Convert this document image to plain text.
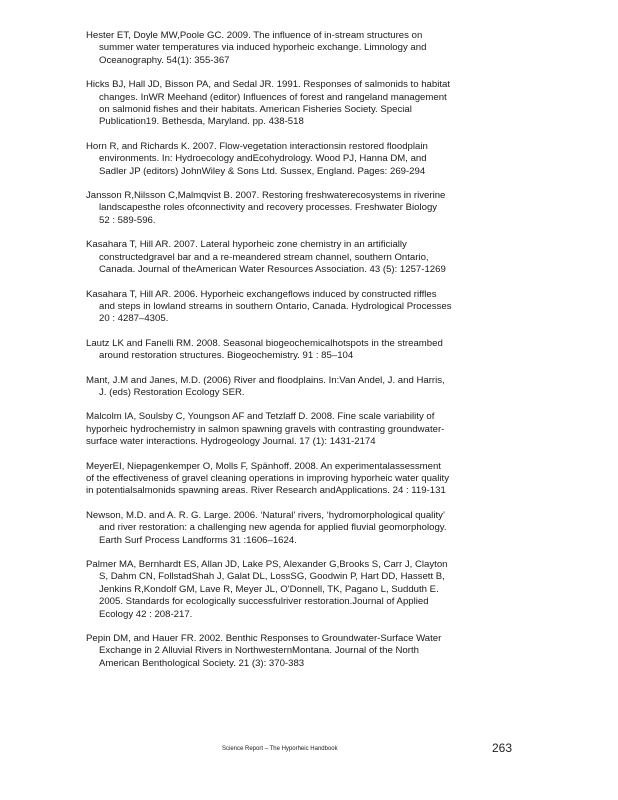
Hester ET, Doyle MW,Poole GC. 2009. The influence of in-stream structures on
summer water temperatures via induced hyporheic exchange. Limnology and
Oceanography. 54(1): 355-367

Hicks BJ, Hall JD, Bisson PA, and Sedal JR. 1991. Responses of salmonids to habitat
changes. InWR Meehand (editor) Influences of forest and rangeland management
on salmonid fishes and their habitats. American Fisheries Society. Special
Publication19. Bethesda, Maryland. pp. 438-518

Horn R, and Richards K. 2007. Flow-vegetation interactionsin restored floodplain
environments. In: Hydroecology andEcohydrology. Wood PJ, Hanna DM, and
Sadler JP (editors) JohnWiley & Sons Ltd. Sussex, England. Pages: 269-294

Jansson R,Nilsson C,Malmqvist B. 2007. Restoring freshwaterecosystems in riverine
landscapesthe roles ofconnectivity and recovery processes. Freshwater Biology
52 : 589-596.

Kasahara T, Hill AR. 2007. Lateral hyporheic zone chemistry in an artificially
constructedgravel bar and a re-meandered stream channel, southern Ontario,
Canada. Journal of theAmerican Water Resources Association. 43 (5): 1257-1269

Kasahara T, Hill AR. 2006. Hyporheic exchangeflows induced by constructed riffles
and steps in lowland streams in southern Ontario, Canada. Hydrological Processes
20 : 4287–4305.

Lautz LK and Fanelli RM. 2008. Seasonal biogeochemicalhotspots in the streambed
around restoration structures. Biogeochemistry. 91 : 85–104

Mant, J.M and Janes, M.D. (2006) River and floodplains. In:Van Andel, J. and Harris,
J. (eds) Restoration Ecology SER.

Malcolm IA, Soulsby C, Youngson AF and Tetzlaff D. 2008. Fine scale variability of
hyporheic hydrochemistry in salmon spawning gravels with contrasting groundwater-
surface water interactions. Hydrogeology Journal. 17 (1): 1431-2174

MeyerEI, Niepagenkemper O, Molls F, Spänhoff. 2008. An experimentalassessment
of the effectiveness of gravel cleaning operations in improving hyporheic water quality
in potentialsalmonids spawning areas. River Research andApplications. 24 : 119-131

Newson, M.D. and A. R. G. Large. 2006. ‘Natural’ rivers, ‘hydromorphological quality’
and river restoration: a challenging new agenda for applied fluvial geomorphology.
Earth Surf Process Landforms 31 :1606–1624.

Palmer MA, Bernhardt ES, Allan JD, Lake PS, Alexander G,Brooks S, Carr J, Clayton
S, Dahm CN, FollstadShah J, Galat DL, LossSG, Goodwin P, Hart DD, Hassett B,
Jenkins R,Kondolf GM, Lave R, Meyer JL, O'Donnell, TK, Pagano L, Sudduth E.
2005. Standards for ecologically successfulriver restoration.Journal of Applied
Ecology 42 : 208-217.

Pepin DM, and Hauer FR. 2002. Benthic Responses to Groundwater-Surface Water
Exchange in 2 Alluvial Rivers in NorthwesternMontana. Journal of the North
American Benthological Society. 21 (3): 370-383

Science Report – The Hyporheic Handbook	263
